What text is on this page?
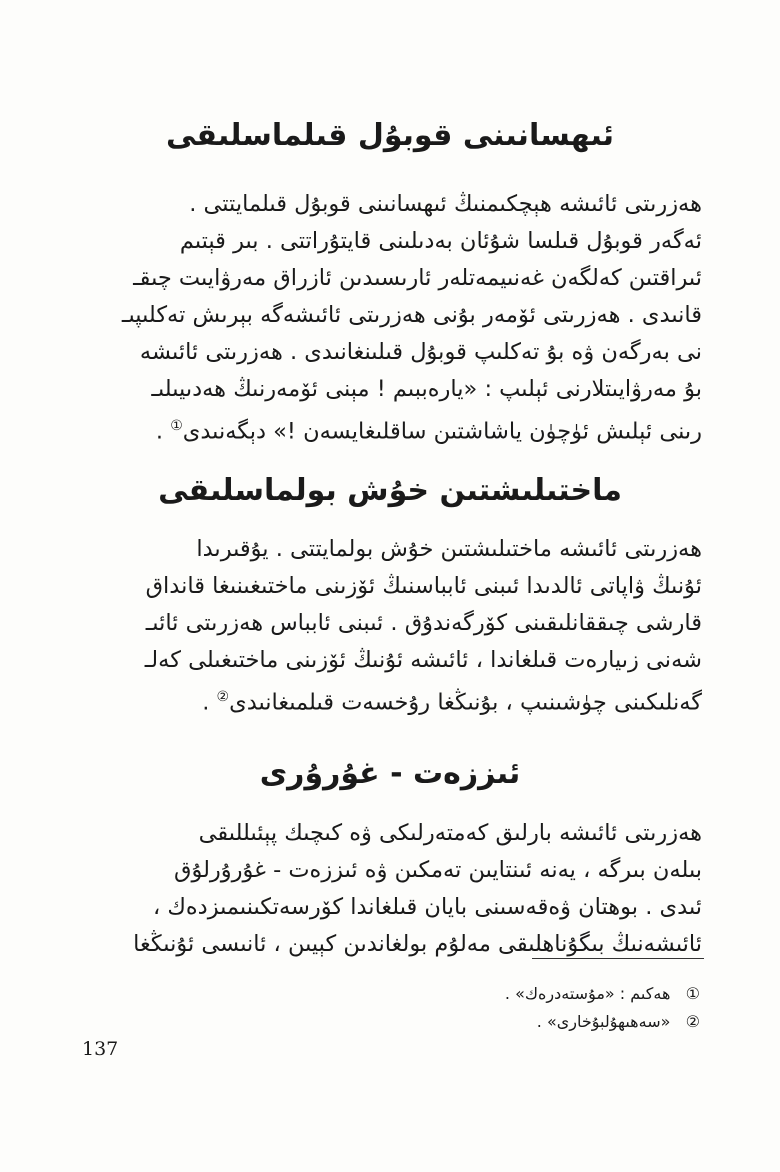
ئىھسانىنى قوبۇل قىلماسلىقى
ھەزرىتى ئائىشە ھېچكىمنىڭ ئىھسانىنى قوبۇل قىلمايتتى .
ئەگەر قوبۇل قىلسا شۇئان بەدىلىنى قايتۇراتتى . بىر قېتىم
ئىراقتىن كەلگەن غەنىيمەتلەر ئارىسىدىن ئازراق مەرۋايىت چىقـ
قانىدى . ھەزرىتى ئۆمەر بۇنى ھەزرىتى ئائىشەگە بېرىش تەكلىپىـ
نى بەرگەن ۋە بۇ تەكلىپ قوبۇل قىلىنغانىدى . ھەزرىتى ئائىشە
بۇ مەرۋايىتلارنى ئېلىپ : «يارەببىم ! مېنى ئۆمەرنىڭ ھەدىيىلىـ
رىنى ئېلىش ئۈچۈن ياشاشتىن ساقلىغايسەن !» دېگەنىدى① .
ماختىلىشتىن خۇش بولماسلىقى
ھەزرىتى ئائىشە ماختىلىشتىن خۇش بولمايتتى . يۇقىرىدا
ئۇنىڭ ۋاپاتى ئالدىدا ئىبنى ئابباسنىڭ ئۆزىنى ماختىغىنىغا قانداق
قارشى چىققانلىقىنى كۆرگەندۇق . ئىبنى ئابباس ھەزرىتى ئائىـ
شەنى زىيارەت قىلغاندا ، ئائىشە ئۇنىڭ ئۆزىنى ماختىغىلى كەلـ
گەنلىكىنى چۈشىنىپ ، بۇنىڭغا رۇخسەت قىلمىغانىدى② .
ئىززەت - غۇرۇرى
ھەزرىتى ئائىشە بارلىق كەمتەرلىكى ۋە كىچىك پېئىللىقى
بىلەن بىرگە ، يەنە ئىنتايىن تەمكىن ۋە ئىززەت - غۇرۇرلۇق
ئىدى . بوھتان ۋەقەسىنى بايان قىلغاندا كۆرسەتكىنىمىزدەك ،
ئائىشەنىڭ بىگۇناھلىقى مەلۇم بولغاندىن كېيىن ، ئانىسى ئۇنىڭغا
①   ھەكىم : «مۇستەدرەك» .
②   «سەھىھۇلبۇخارى» .
137
